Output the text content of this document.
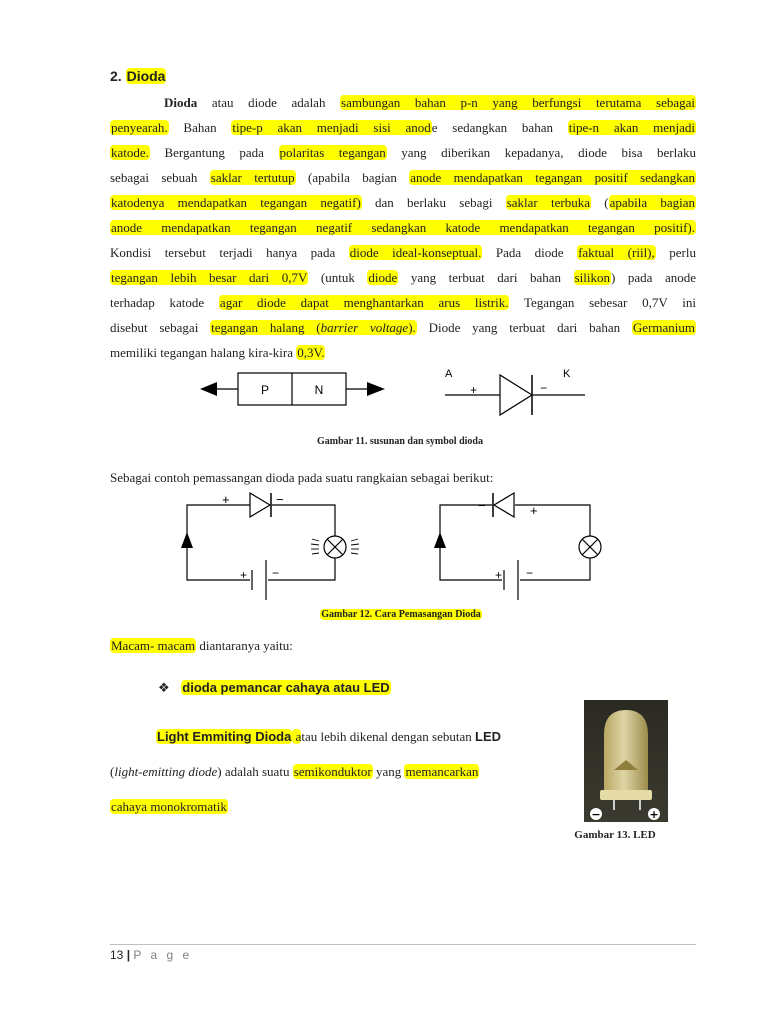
2. Dioda
Dioda atau diode adalah sambungan bahan p-n yang berfungsi terutama sebagai
penyearah. Bahan tipe-p akan menjadi sisi anode sedangkan bahan tipe-n akan menjadi
katode. Bergantung pada polaritas tegangan yang diberikan kepadanya, diode bisa berlaku
sebagai sebuah saklar tertutup (apabila bagian anode mendapatkan tegangan positif sedangkan
katodenya mendapatkan tegangan negatif) dan berlaku sebagi saklar terbuka (apabila bagian
anode mendapatkan tegangan negatif sedangkan katode mendapatkan tegangan positif).
Kondisi tersebut terjadi hanya pada diode ideal-konseptual. Pada diode faktual (riil), perlu
tegangan lebih besar dari 0,7V (untuk diode yang terbuat dari bahan silikon) pada anode
terhadap katode agar diode dapat menghantarkan arus listrik. Tegangan sebesar 0,7V ini
disebut sebagai tegangan halang (barrier voltage). Diode yang terbuat dari bahan Germanium
memiliki tegangan halang kira-kira 0,3V.
P	N
A	K
+	−
Gambar 11. susunan dan symbol dioda
Sebagai contoh pemassangan dioda pada suatu rangkaian sebagai berikut:
+	−
+ −
−	+
+ −
Gambar 12. Cara Pemasangan Dioda
Macam- macam diantaranya yaitu:
❖ dioda pemancar cahaya atau LED
Light Emmiting Dioda atau lebih dikenal dengan sebutan LED
(light-emitting diode) adalah suatu semikonduktor yang memancarkan
cahaya monokromatik
−	+
Gambar 13. LED
13 | P a g e
